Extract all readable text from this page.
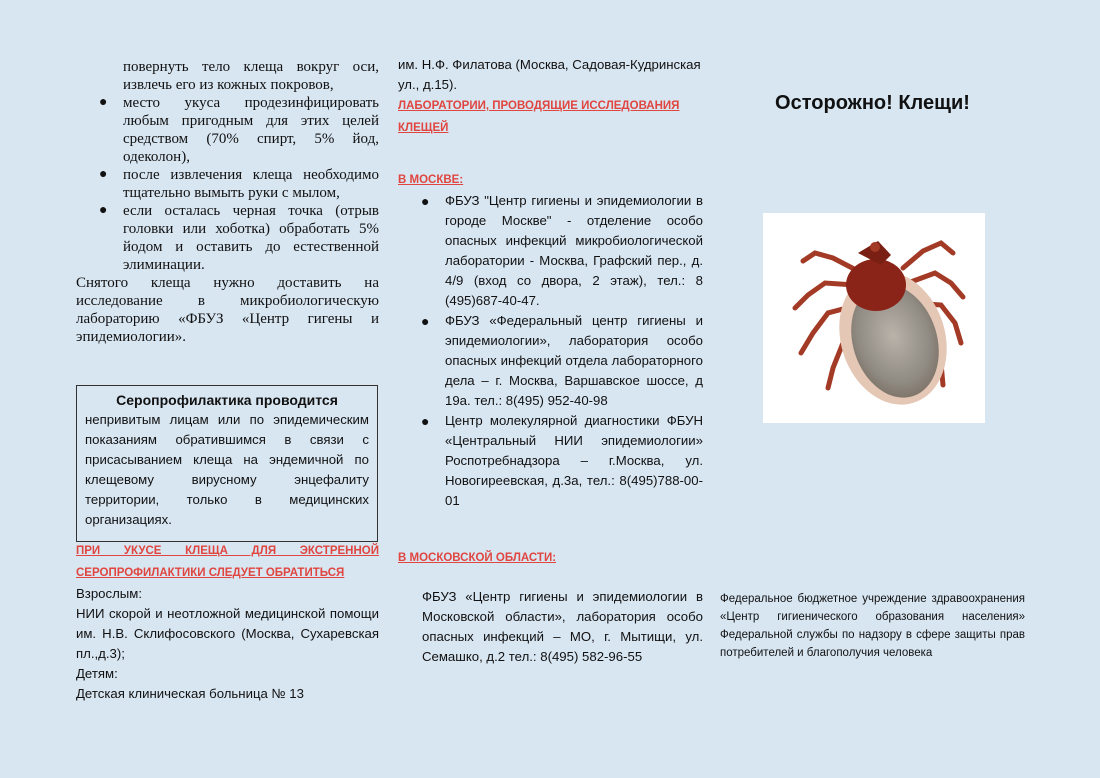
повернуть тело клеща вокруг оси, извлечь его из кожных покровов,
● место укуса продезинфицировать любым пригодным для этих целей средством (70% спирт, 5% йод, одеколон),
● после извлечения клеща необходимо тщательно вымыть руки с мылом,
● если осталась черная точка (отрыв головки или хоботка) обработать 5% йодом и оставить до естественной элиминации.

Снятого клеща нужно доставить на исследование в микробиологическую лабораторию «ФБУЗ «Центр гигены и эпидемиологии».

Серопрофилактика проводится
непривитым лицам или по эпидемическим показаниям обратившимся в связи с присасыванием клеща на эндемичной по клещевому вирусному энцефалиту территории, только в медицинских организациях.
ПРИ УКУСЕ КЛЕЩА ДЛЯ ЭКСТРЕННОЙ СЕРОПРОФИЛАКТИКИ СЛЕДУЕТ ОБРАТИТЬСЯ
Взрослым:
НИИ скорой и неотложной медицинской помощи им. Н.В. Склифосовского (Москва, Сухаревская пл.,д.3);
Детям:
Детская клиническая больница № 13
им. Н.Ф. Филатова (Москва, Садовая-Кудринская ул., д.15).
ЛАБОРАТОРИИ, ПРОВОДЯЩИЕ ИССЛЕДОВАНИЯ КЛЕЩЕЙ
В МОСКВЕ:
● ФБУЗ "Центр гигиены и эпидемиологии в городе Москве" - отделение особо опасных инфекций микробиологической лаборатории - Москва, Графский пер., д. 4/9 (вход со двора, 2 этаж), тел.: 8 (495)687-40-47.
● ФБУЗ «Федеральный центр гигиены и эпидемиологии», лаборатория особо опасных инфекций отдела лабораторного дела – г. Москва, Варшавское шоссе, д 19а. тел.: 8(495) 952-40-98
● Центр молекулярной диагностики ФБУН «Центральный НИИ эпидемиологии» Роспотребнадзора – г.Москва, ул. Новогиреевская, д.3а, тел.: 8(495)788-00-01
В МОСКОВСКОЙ ОБЛАСТИ:
ФБУЗ «Центр гигиены и эпидемиологии в Московской области», лаборатория особо опасных инфекций – МО, г. Мытищи, ул. Семашко, д.2 тел.: 8(495) 582-96-55
Осторожно! Клещи!
Федеральное бюджетное учреждение здравоохранения «Центр гигиенического образования населения» Федеральной службы по надзору в сфере защиты прав потребителей и благополучия человека
